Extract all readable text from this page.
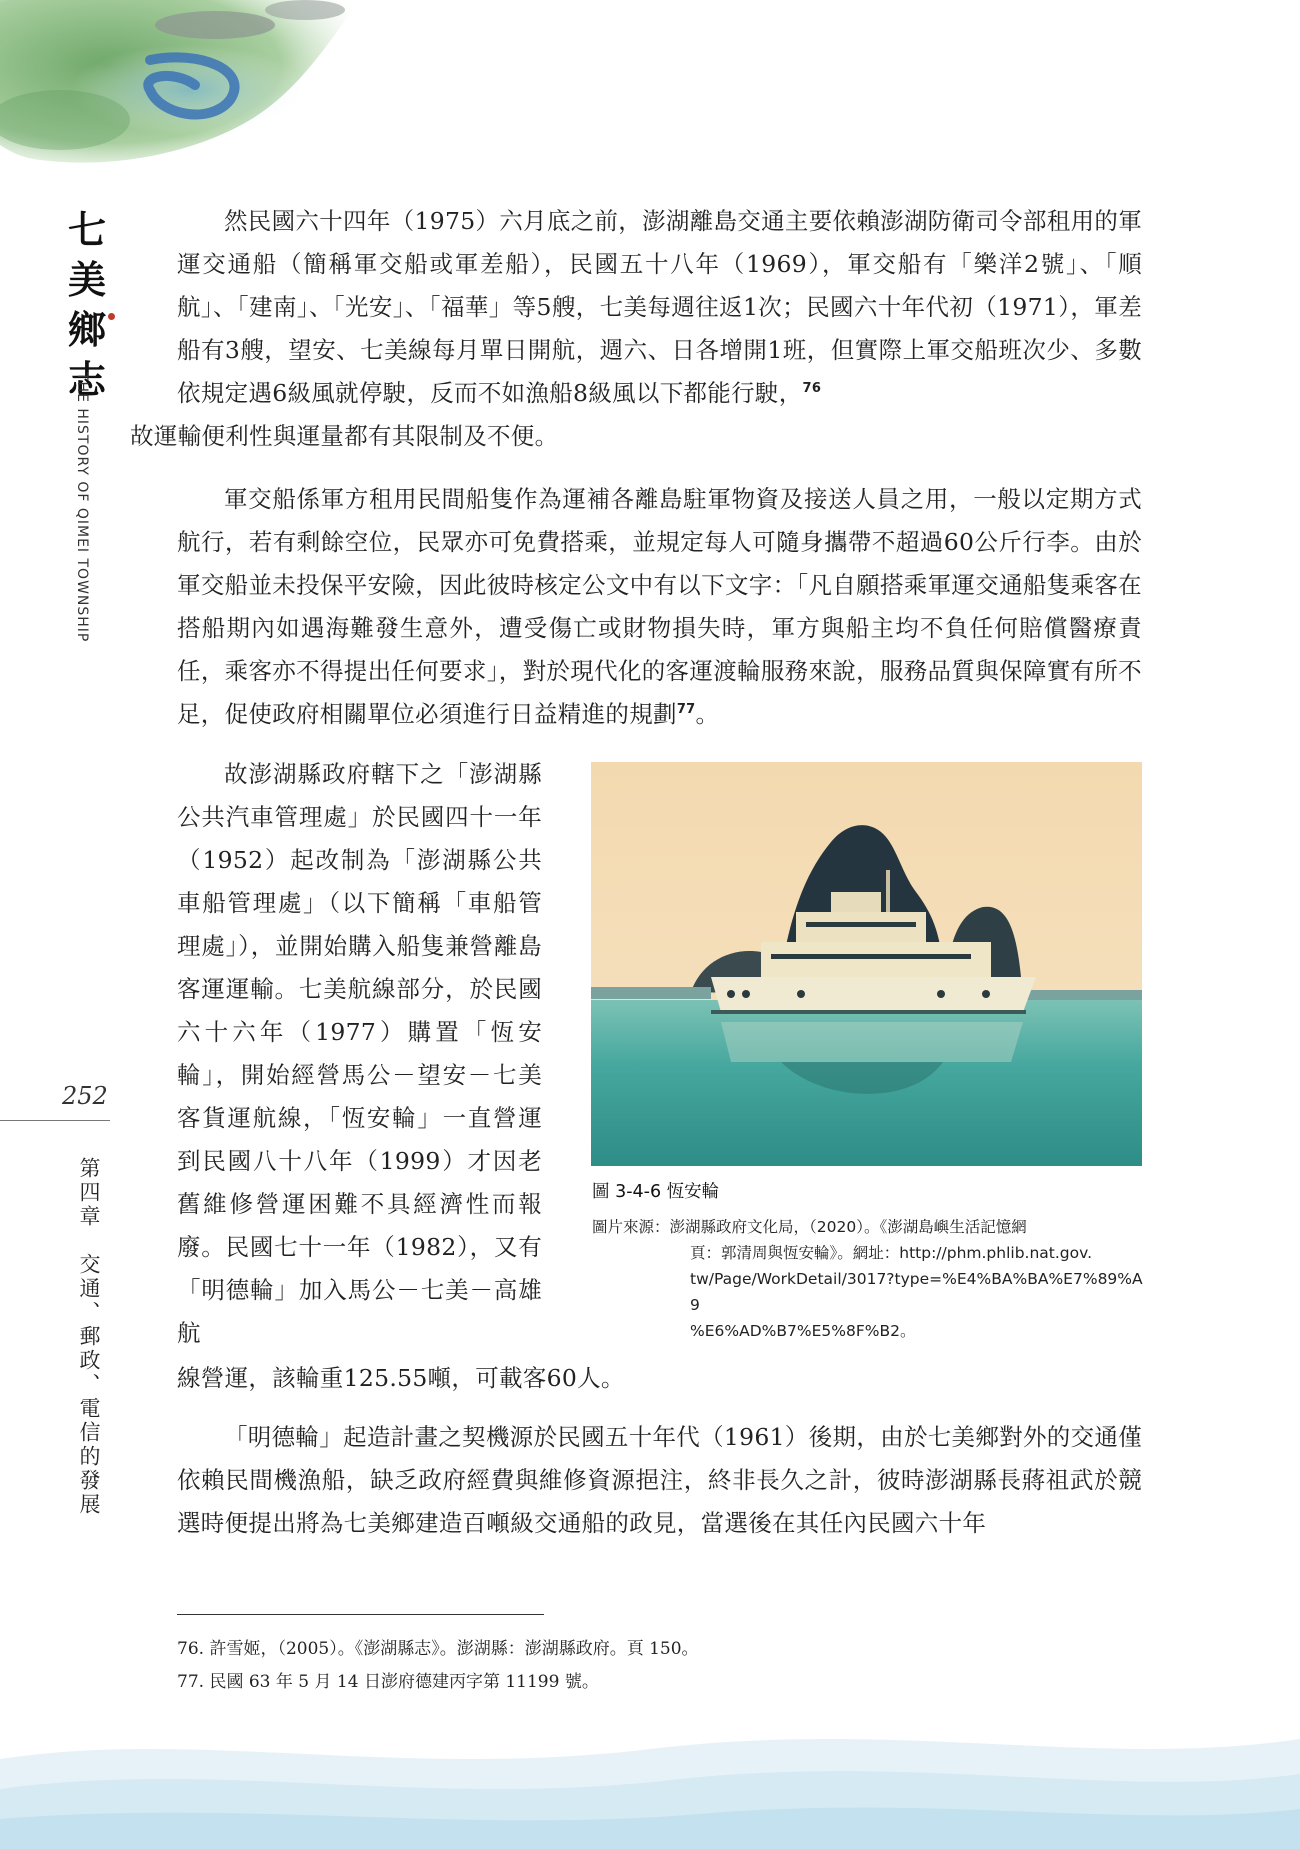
七
美
鄉
志
THE HISTORY OF QIMEI TOWNSHIP
252
第四章　交通、郵政、電信的發展

然民國六十四年（1975）六月底之前，澎湖離島交通主要依賴澎湖防衛司令部租用的軍運交通船（簡稱軍交船或軍差船），民國五十八年（1969），軍交船有「樂洋2號」、「順航」、「建南」、「光安」、「福華」等5艘，七美每週往返1次；民國六十年代初（1971），軍差船有3艘，望安、七美線每月單日開航，週六、日各增開1班，但實際上軍交船班次少、多數依規定遇6級風就停駛，反而不如漁船8級風以下都能行駛，$^{76}$
故運輸便利性與運量都有其限制及不便。

軍交船係軍方租用民間船隻作為運補各離島駐軍物資及接送人員之用，一般以定期方式航行，若有剩餘空位，民眾亦可免費搭乘，並規定每人可隨身攜帶不超過60公斤行李。由於軍交船並未投保平安險，因此彼時核定公文中有以下文字：「凡自願搭乘軍運交通船隻乘客在搭船期內如遇海難發生意外，遭受傷亡或財物損失時，軍方與船主均不負任何賠償醫療責任，乘客亦不得提出任何要求」，對於現代化的客運渡輪服務來說，服務品質與保障實有所不足，促使政府相關單位必須進行日益精進的規劃$^{77}$。

故澎湖縣政府轄下之「澎湖縣公共汽車管理處」於民國四十一年（1952）起改制為「澎湖縣公共車船管理處」（以下簡稱「車船管理處」），並開始購入船隻兼營離島客運運輸。七美航線部分，於民國六十六年（1977）購置「恆安輪」，開始經營馬公－望安－七美客貨運航線，「恆安輪」一直營運到民國八十八年（1999）才因老舊維修營運困難不具經濟性而報廢。民國七十一年（1982），又有「明德輪」加入馬公－七美－高雄航

線營運，該輪重125.55噸，可載客60人。

「明德輪」起造計畫之契機源於民國五十年代（1961）後期，由於七美鄉對外的交通僅依賴民間機漁船，缺乏政府經費與維修資源挹注，終非長久之計，彼時澎湖縣長蔣祖武於競選時便提出將為七美鄉建造百噸級交通船的政見，當選後在其任內民國六十年

圖 3-4-6 恆安輪
圖片來源：澎湖縣政府文化局，（2020）。《澎湖島嶼生活記憶網
頁：郭清周與恆安輪》。網址：http://phm.phlib.nat.gov.
tw/Page/WorkDetail/3017?type=%E4%BA%BA%E7%89%A9
%E6%AD%B7%E5%8F%B2。
76. 許雪姬，（2005）。《澎湖縣志》。澎湖縣：澎湖縣政府。頁 150。
77. 民國 63 年 5 月 14 日澎府德建丙字第 11199 號。
